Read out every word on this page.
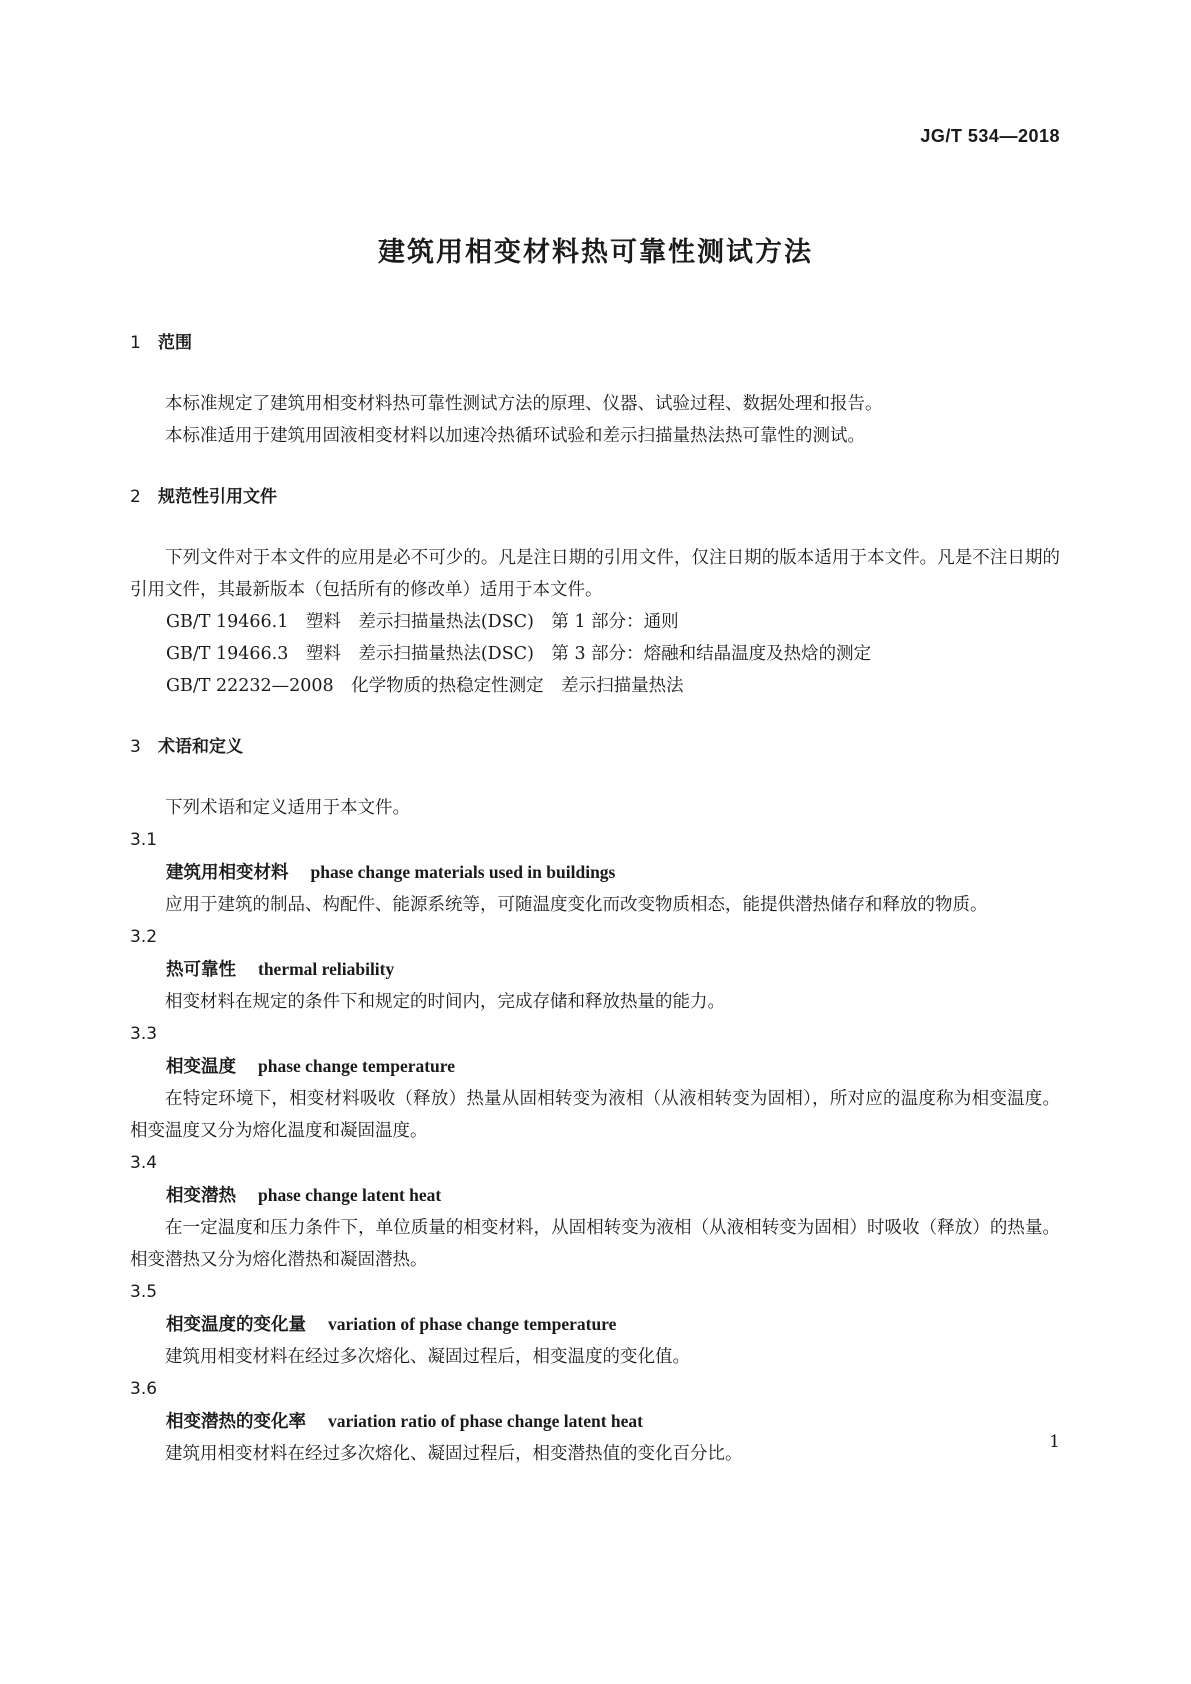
JG/T 534—2018
建筑用相变材料热可靠性测试方法

1 范围

本标准规定了建筑用相变材料热可靠性测试方法的原理、仪器、试验过程、数据处理和报告。

本标准适用于建筑用固液相变材料以加速冷热循环试验和差示扫描量热法热可靠性的测试。

2 规范性引用文件

下列文件对于本文件的应用是必不可少的。凡是注日期的引用文件，仅注日期的版本适用于本文件。凡是不注日期的引用文件，其最新版本（包括所有的修改单）适用于本文件。

GB/T 19466.1　塑料　差示扫描量热法(DSC)　第 1 部分：通则

GB/T 19466.3　塑料　差示扫描量热法(DSC)　第 3 部分：熔融和结晶温度及热焓的测定

GB/T 22232—2008　化学物质的热稳定性测定　差示扫描量热法

3 术语和定义

下列术语和定义适用于本文件。

3.1

建筑用相变材料 phase change materials used in buildings

应用于建筑的制品、构配件、能源系统等，可随温度变化而改变物质相态，能提供潜热储存和释放的物质。

3.2

热可靠性 thermal reliability

相变材料在规定的条件下和规定的时间内，完成存储和释放热量的能力。

3.3

相变温度 phase change temperature

在特定环境下，相变材料吸收（释放）热量从固相转变为液相（从液相转变为固相），所对应的温度称为相变温度。相变温度又分为熔化温度和凝固温度。

3.4

相变潜热 phase change latent heat

在一定温度和压力条件下，单位质量的相变材料，从固相转变为液相（从液相转变为固相）时吸收（释放）的热量。相变潜热又分为熔化潜热和凝固潜热。

3.5

相变温度的变化量 variation of phase change temperature

建筑用相变材料在经过多次熔化、凝固过程后，相变温度的变化值。

3.6

相变潜热的变化率 variation ratio of phase change latent heat

建筑用相变材料在经过多次熔化、凝固过程后，相变潜热值的变化百分比。

1
